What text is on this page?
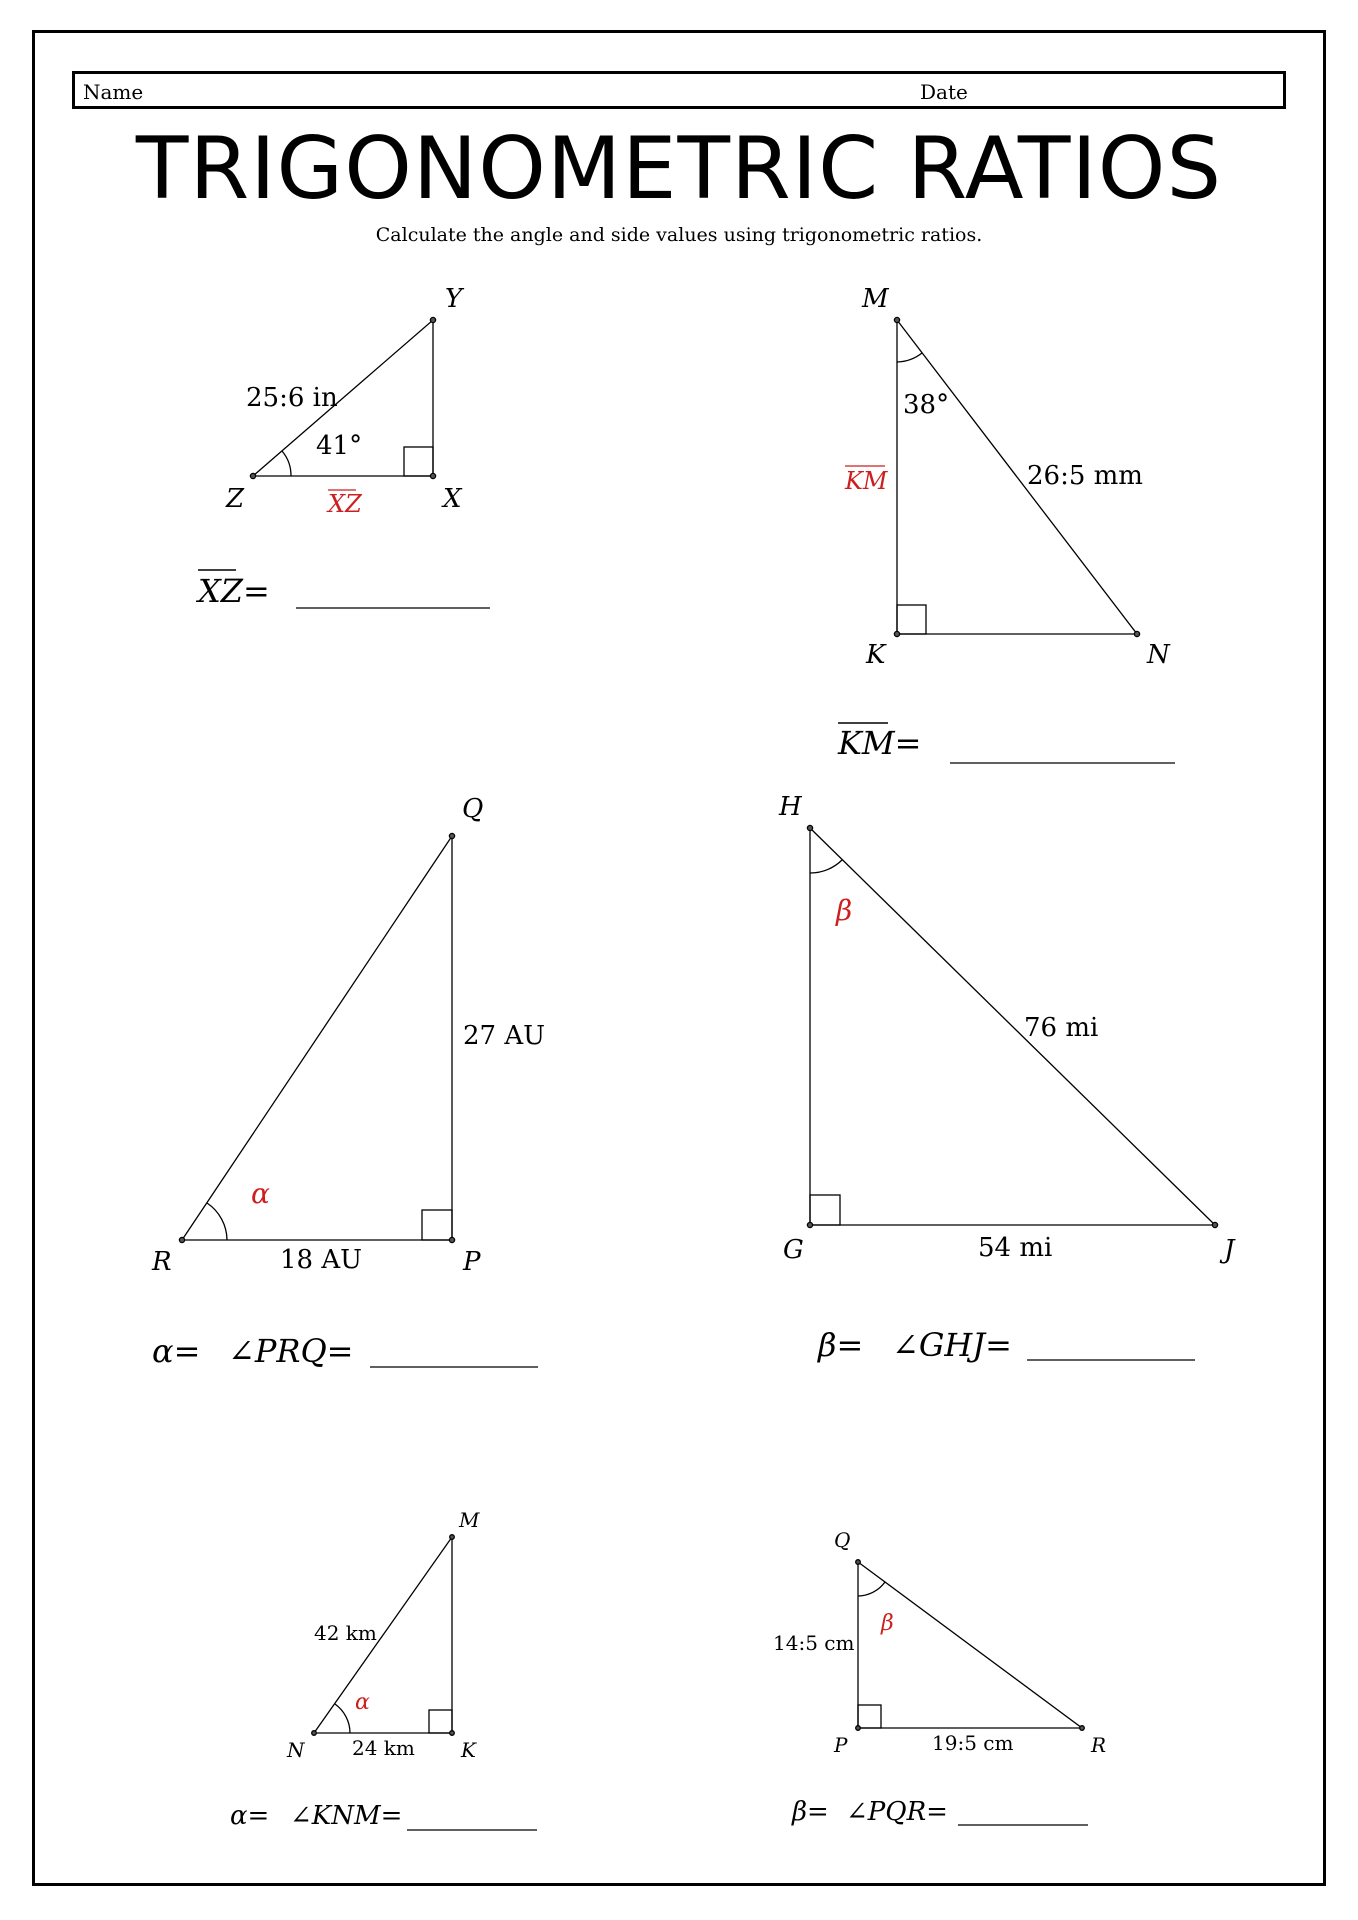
Name	Date
TRIGONOMETRIC RATIOS
Calculate the angle and side values using trigonometric ratios.
Y
Z	X
25:6 in
41°
XZ
XZ=
M
K	N
26:5 mm
38°
KM
KM=
Q
R	P
27 AU
18 AU
α
α= ∠PRQ=
H
G	J
76 mi
54 mi
β
β= ∠GHJ=
M
N	K
42 km
24 km
α
α= ∠KNM=
Q
P	R
14:5 cm
19:5 cm
β
β= ∠PQR=
